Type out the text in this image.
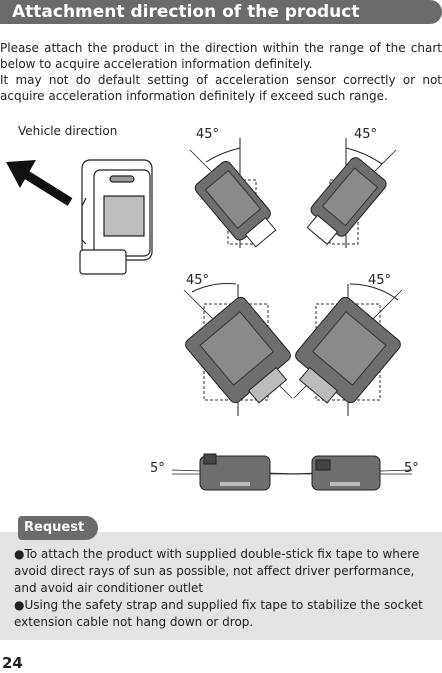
Attachment direction of the product

Please attach the product in the direction within the range of the chart below to acquire acceleration information definitely.

It may not do default setting of acceleration sensor correctly or not acquire acceleration information definitely if exceed such range.

Vehicle direction	45°	45°
45°	45°
5°	5°
Request
●To attach the product with supplied double-stick fix tape to where avoid direct rays of sun as possible, not affect driver performance, and avoid air conditioner outlet
●Using the safety strap and supplied fix tape to stabilize the socket extension cable not hang down or drop.
24
